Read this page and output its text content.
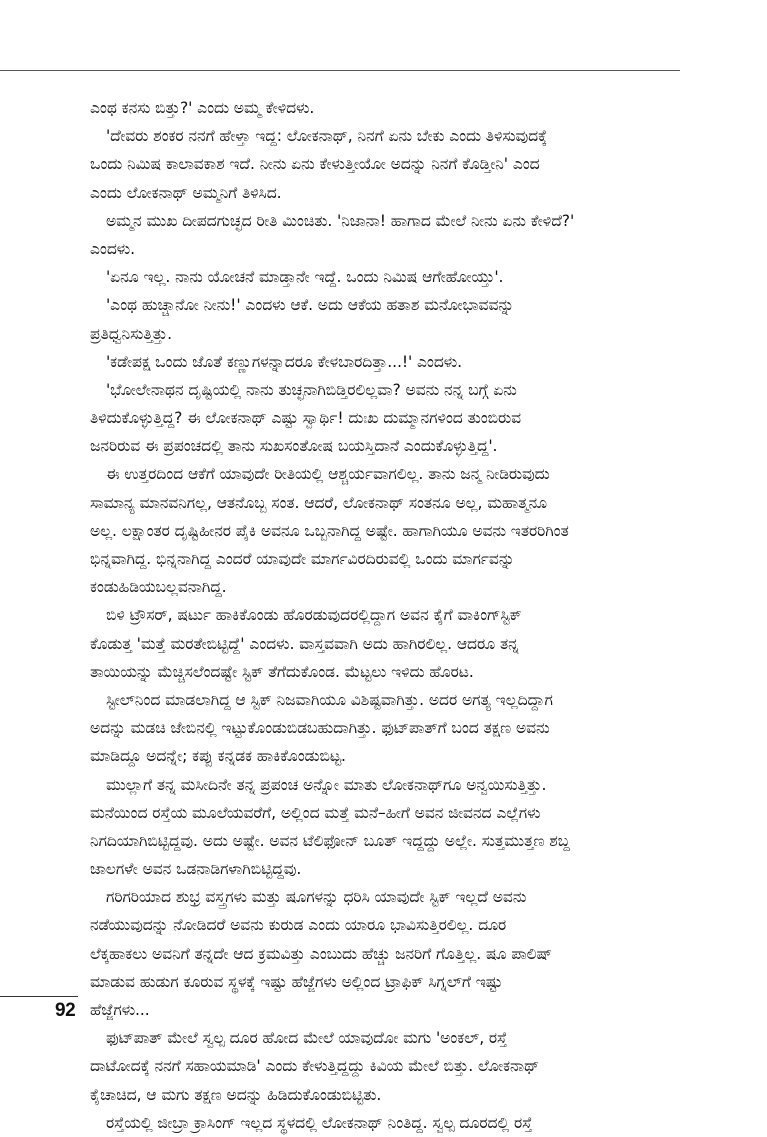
ಎಂಥ ಕನಸು ಬಿತ್ತು?' ಎಂದು ಅಮ್ಮ ಕೇಳಿದಳು.
'ದೇವರು ಶಂಕರ ನನಗೆ ಹೇಳ್ತಾ ಇದ್ದ: ಲೋಕನಾಥ್, ನಿನಗೆ ಏನು ಬೇಕು ಎಂದು ತಿಳಿಸುವುದಕ್ಕೆ
ಒಂದು ನಿಮಿಷ ಕಾಲಾವಕಾಶ ಇದೆ. ನೀನು ಏನು ಕೇಳುತ್ತೀಯೋ ಅದನ್ನು ನಿನಗೆ ಕೊಡ್ತೀನಿ' ಎಂದ
ಎಂದು ಲೋಕನಾಥ್ ಅಮ್ಮನಿಗೆ ತಿಳಿಸಿದ.
ಅಮ್ಮನ ಮುಖ ದೀಪದಗುಚ್ಛದ ರೀತಿ ಮಿಂಚಿತು. 'ನಿಜಾನಾ! ಹಾಗಾದ ಮೇಲೆ ನೀನು ಏನು ಕೇಳಿದೆ?'
ಎಂದಳು.
'ಏನೂ ಇಲ್ಲ. ನಾನು ಯೋಚನೆ ಮಾಡ್ತಾನೇ ಇದ್ದೆ. ಒಂದು ನಿಮಿಷ ಆಗೇಹೋಯ್ತು'.
'ಎಂಥ ಹುಚ್ಚಾನೋ ನೀನು!' ಎಂದಳು ಆಕೆ. ಅದು ಆಕೆಯ ಹತಾಶ ಮನೋಭಾವವನ್ನು
ಪ್ರತಿಧ್ವನಿಸುತ್ತಿತ್ತು.
'ಕಡೇಪಕ್ಷ ಒಂದು ಜೊತೆ ಕಣ್ಣುಗಳನ್ನಾದರೂ ಕೇಳಬಾರದಿತ್ತಾ...!' ಎಂದಳು.
'ಭೋಲೇನಾಥನ ದೃಷ್ಟಿಯಲ್ಲಿ ನಾನು ತುಚ್ಛನಾಗಿಬಿಡ್ತಿರಲಿಲ್ಲವಾ? ಅವನು ನನ್ನ ಬಗ್ಗೆ ಏನು
ತಿಳಿದುಕೊಳ್ಳುತ್ತಿದ್ದ? ಈ ಲೋಕನಾಥ್ ಎಷ್ಟು ಸ್ವಾರ್ಥಿ! ದುಃಖ ದುಮ್ಮಾನಗಳಿಂದ ತುಂಬಿರುವ
ಜನರಿರುವ ಈ ಪ್ರಪಂಚದಲ್ಲಿ ತಾನು ಸುಖಸಂತೋಷ ಬಯಸ್ತಿದಾನೆ ಎಂದುಕೊಳ್ಳುತ್ತಿದ್ದ'.
ಈ ಉತ್ತರದಿಂದ ಆಕೆಗೆ ಯಾವುದೇ ರೀತಿಯಲ್ಲಿ ಆಶ್ಚರ್ಯವಾಗಲಿಲ್ಲ. ತಾನು ಜನ್ಮ ನೀಡಿರುವುದು
ಸಾಮಾನ್ಯ ಮಾನವನಿಗಲ್ಲ, ಆತನೊಬ್ಬ ಸಂತ. ಆದರೆ, ಲೋಕನಾಥ್ ಸಂತನೂ ಅಲ್ಲ, ಮಹಾತ್ಮನೂ
ಅಲ್ಲ. ಲಕ್ಷಾಂತರ ದೃಷ್ಟಿಹೀನರ ಪೈಕಿ ಅವನೂ ಒಬ್ಬನಾಗಿದ್ದ ಅಷ್ಟೇ. ಹಾಗಾಗಿಯೂ ಅವನು ಇತರರಿಗಿಂತ
ಭಿನ್ನವಾಗಿದ್ದ. ಭಿನ್ನನಾಗಿದ್ದ ಎಂದರೆ ಯಾವುದೇ ಮಾರ್ಗವಿರದಿರುವಲ್ಲಿ ಒಂದು ಮಾರ್ಗವನ್ನು
ಕಂಡುಹಿಡಿಯಬಲ್ಲವನಾಗಿದ್ದ.
ಬಿಳಿ ಟ್ರೌಸರ್, ಷರ್ಟು ಹಾಕಿಕೊಂಡು ಹೊರಡುವುದರಲ್ಲಿದ್ದಾಗ ಅವನ ಕೈಗೆ ವಾಕಿಂಗ್‌ಸ್ಟಿಕ್
ಕೊಡುತ್ತ 'ಮತ್ತೆ ಮರತೇಬಿಟ್ಟಿದ್ದೆ' ಎಂದಳು. ವಾಸ್ತವವಾಗಿ ಅದು ಹಾಗಿರಲಿಲ್ಲ. ಆದರೂ ತನ್ನ
ತಾಯಿಯನ್ನು ಮೆಚ್ಚಿಸಲೆಂದಷ್ಟೇ ಸ್ಟಿಕ್ ತೆಗೆದುಕೊಂಡ. ಮೆಟ್ಟಲು ಇಳಿದು ಹೊರಟ.
ಸ್ಟೀಲ್‌ನಿಂದ ಮಾಡಲಾಗಿದ್ದ ಆ ಸ್ಟಿಕ್ ನಿಜವಾಗಿಯೂ ವಿಶಿಷ್ಟವಾಗಿತ್ತು. ಅದರ ಅಗತ್ಯ ಇಲ್ಲದಿದ್ದಾಗ
ಅದನ್ನು ಮಡಚಿ ಜೇಬಿನಲ್ಲಿ ಇಟ್ಟುಕೊಂಡುಬಿಡಬಹುದಾಗಿತ್ತು. ಫುಟ್‌ಪಾತ್‌ಗೆ ಬಂದ ತಕ್ಷಣ ಅವನು
ಮಾಡಿದ್ದೂ ಅದನ್ನೇ; ಕಪ್ಪು ಕನ್ನಡಕ ಹಾಕಿಕೊಂಡುಬಿಟ್ಟ.
ಮುಲ್ಲಾಗೆ ತನ್ನ ಮಸೀದಿನೇ ತನ್ನ ಪ್ರಪಂಚ ಅನ್ನೋ ಮಾತು ಲೋಕನಾಥ್‌ಗೂ ಅನ್ವಯಿಸುತ್ತಿತ್ತು.
ಮನೆಯಿಂದ ರಸ್ತೆಯ ಮೂಲೆಯವರೆಗೆ, ಅಲ್ಲಿಂದ ಮತ್ತೆ ಮನೆ–ಹೀಗೆ ಅವನ ಜೀವನದ ಎಲ್ಲೆಗಳು
ನಿಗದಿಯಾಗಿಬಿಟ್ಟಿದ್ದವು. ಅದು ಅಷ್ಟೇ. ಅವನ ಟೆಲಿಫೋನ್ ಬೂತ್ ಇದ್ದದ್ದು ಅಲ್ಲೇ. ಸುತ್ತಮುತ್ತಣ ಶಬ್ದ
ಜಾಲಗಳೇ ಅವನ ಒಡನಾಡಿಗಳಾಗಿಬಿಟ್ಟಿದ್ದವು.
ಗರಿಗರಿಯಾದ ಶುಭ್ರ ವಸ್ತ್ರಗಳು ಮತ್ತು ಷೂಗಳನ್ನು ಧರಿಸಿ ಯಾವುದೇ ಸ್ಟಿಕ್ ಇಲ್ಲದೆ ಅವನು
ನಡೆಯುವುದನ್ನು ನೋಡಿದರೆ ಅವನು ಕುರುಡ ಎಂದು ಯಾರೂ ಭಾವಿಸುತ್ತಿರಲಿಲ್ಲ. ದೂರ
ಲೆಕ್ಕಹಾಕಲು ಅವನಿಗೆ ತನ್ನದೇ ಆದ ಕ್ರಮವಿತ್ತು ಎಂಬುದು ಹೆಚ್ಚು ಜನರಿಗೆ ಗೊತ್ತಿಲ್ಲ. ಷೂ ಪಾಲಿಷ್
ಮಾಡುವ ಹುಡುಗ ಕೂರುವ ಸ್ಥಳಕ್ಕೆ ಇಷ್ಟು ಹೆಜ್ಜೆಗಳು ಅಲ್ಲಿಂದ ಟ್ರಾಫಿಕ್ ಸಿಗ್ನಲ್‌ಗೆ ಇಷ್ಟು
ಹೆಜ್ಜೆಗಳು...
ಫುಟ್‌ಪಾತ್ ಮೇಲೆ ಸ್ವಲ್ಪ ದೂರ ಹೋದ ಮೇಲೆ ಯಾವುದೋ ಮಗು 'ಅಂಕಲ್, ರಸ್ತೆ
ದಾಟೋದಕ್ಕೆ ನನಗೆ ಸಹಾಯಮಾಡಿ' ಎಂದು ಕೇಳುತ್ತಿದ್ದದ್ದು ಕಿವಿಯ ಮೇಲೆ ಬಿತ್ತು. ಲೋಕನಾಥ್
ಕೈಚಾಚಿದ, ಆ ಮಗು ತಕ್ಷಣ ಅದನ್ನು ಹಿಡಿದುಕೊಂಡುಬಿಟ್ಟಿತು.
ರಸ್ತೆಯಲ್ಲಿ ಜೀಬ್ರಾ ಕ್ರಾಸಿಂಗ್ ಇಲ್ಲದ ಸ್ಥಳದಲ್ಲಿ ಲೋಕನಾಥ್ ನಿಂತಿದ್ದ. ಸ್ವಲ್ಪ ದೂರದಲ್ಲಿ ರಸ್ತೆ
92
